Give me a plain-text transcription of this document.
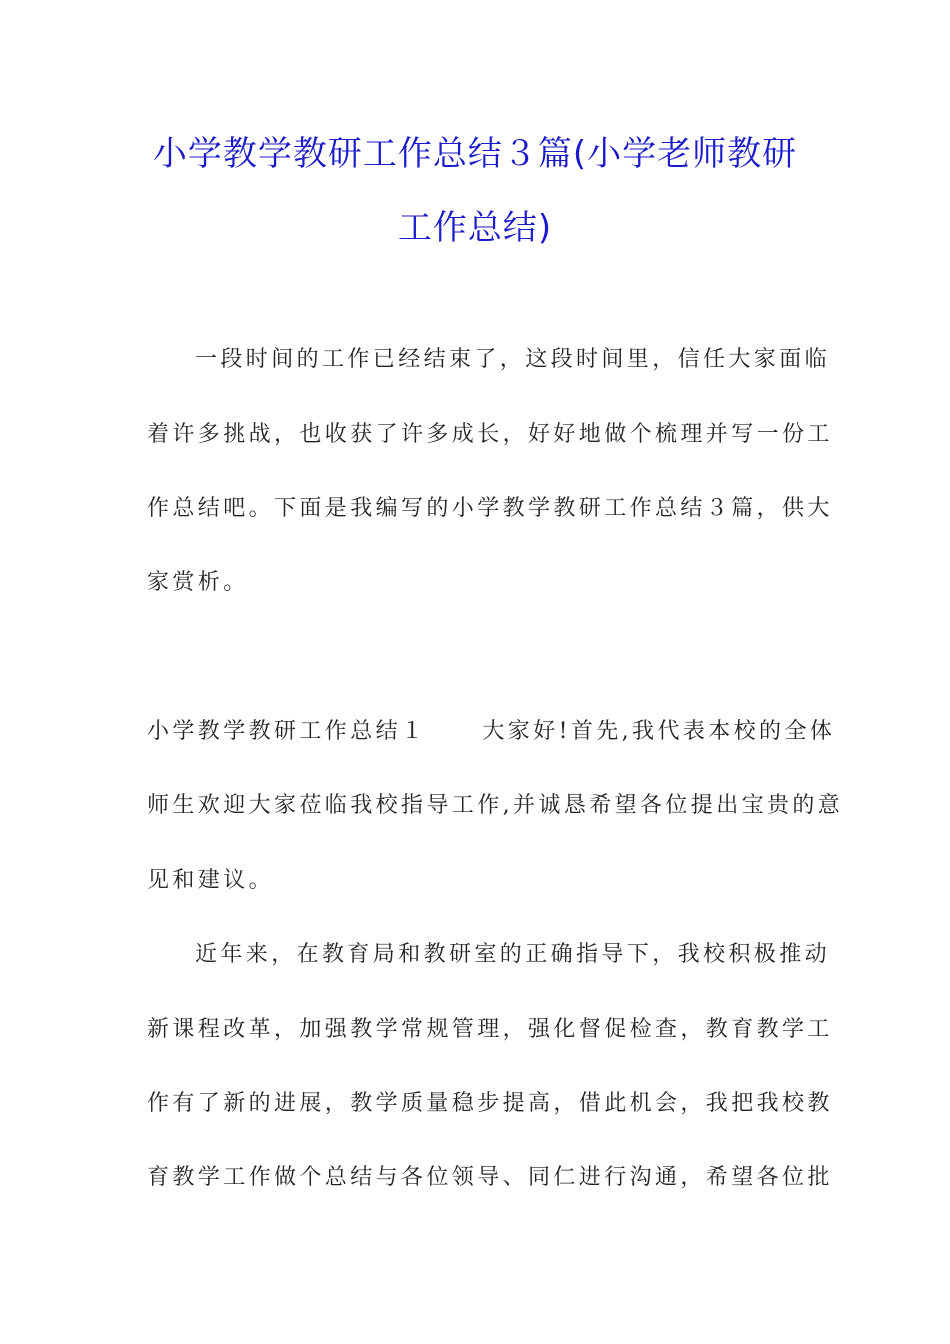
小学教学教研工作总结３篇(小学老师教研
工作总结)
一段时间的工作已经结束了，这段时间里，信任大家面临
着许多挑战，也收获了许多成长，好好地做个梳理并写一份工
作总结吧。下面是我编写的小学教学教研工作总结３篇，供大
家赏析。
小学教学教研工作总结１	大家好!首先,我代表本校的全体
师生欢迎大家莅临我校指导工作,并诚恳希望各位提出宝贵的意
见和建议。
近年来，在教育局和教研室的正确指导下，我校积极推动
新课程改革，加强教学常规管理，强化督促检查，教育教学工
作有了新的进展，教学质量稳步提高，借此机会，我把我校教
育教学工作做个总结与各位领导、同仁进行沟通，希望各位批
